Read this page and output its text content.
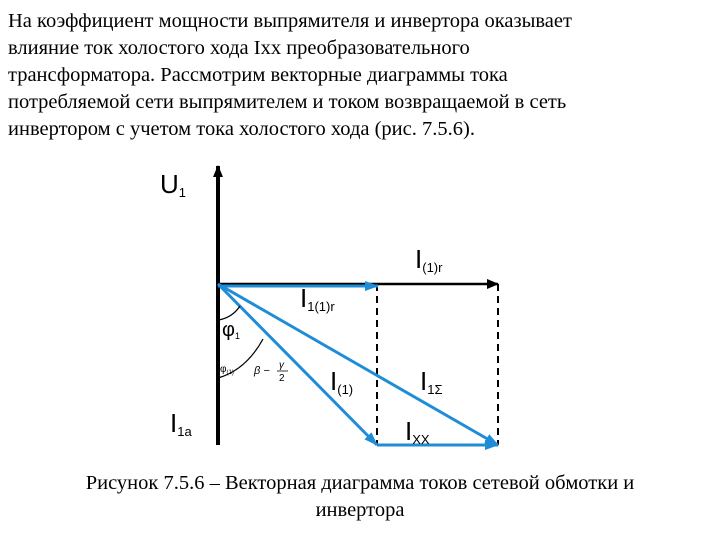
На коэффициент мощности выпрямителя и инвертора оказывает
влияние ток холостого хода Iхх преобразовательного
трансформатора. Рассмотрим векторные диаграммы тока
потребляемой сети выпрямителем и током возвращаемой в сеть
инвертором с учетом тока холостого хода (рис. 7.5.6).
U1
I(1)r
I1(1)r
φ1
$\varphi_{(1)}$ β − γ
2 I(1)	I1Σ
IXX
I1a
Рисунок 7.5.6 – Векторная диаграмма токов сетевой обмотки и
инвертора
